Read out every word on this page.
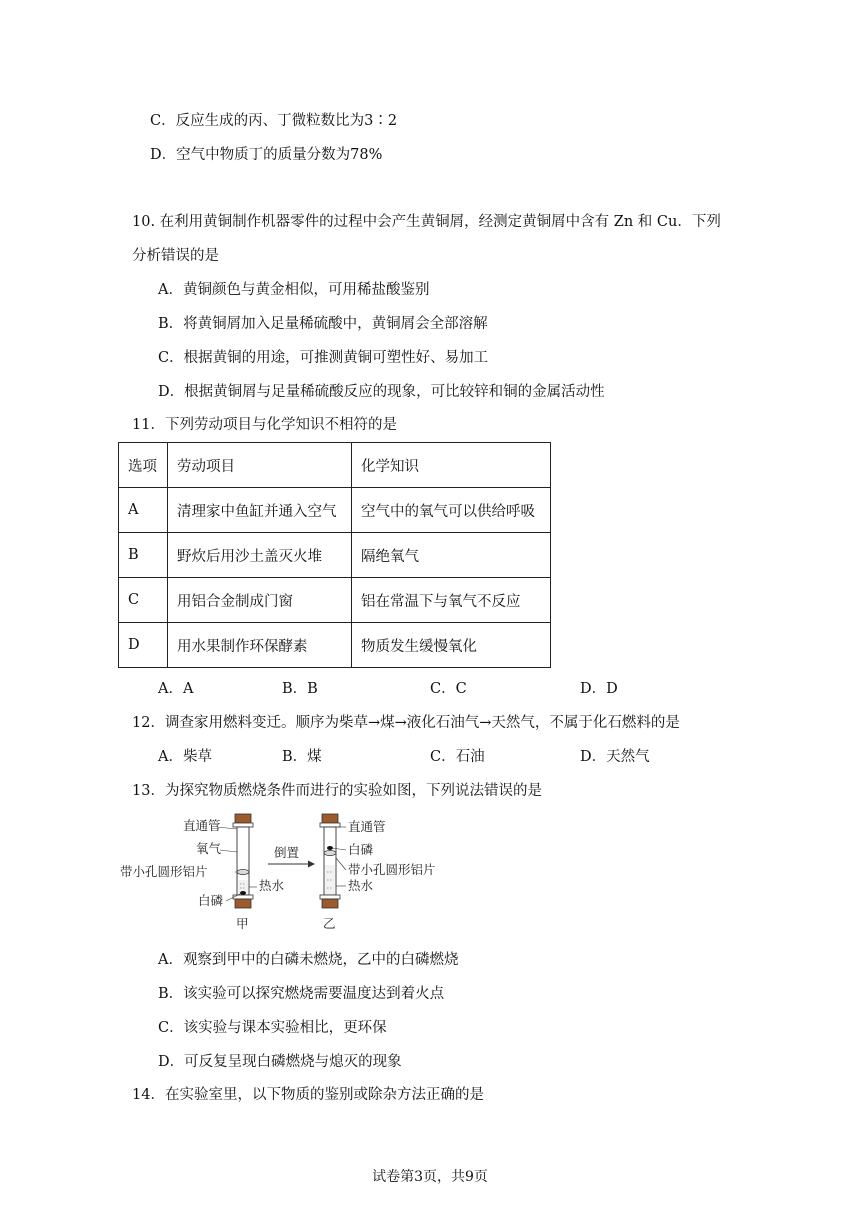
C．反应生成的丙、丁微粒数比为3∶2
D．空气中物质丁的质量分数为78%
10. 在利用黄铜制作机器零件的过程中会产生黄铜屑，经测定黄铜屑中含有 Zn 和 Cu．下列
分析错误的是
A．黄铜颜色与黄金相似，可用稀盐酸鉴别
B．将黄铜屑加入足量稀硫酸中，黄铜屑会全部溶解
C．根据黄铜的用途，可推测黄铜可塑性好、易加工
D．根据黄铜屑与足量稀硫酸反应的现象，可比较锌和铜的金属活动性
11．下列劳动项目与化学知识不相符的是
选项	劳动项目	化学知识
A	清理家中鱼缸并通入空气	空气中的氧气可以供给呼吸
B	野炊后用沙土盖灭火堆	隔绝氧气
C	用铝合金制成门窗	铝在常温下与氧气不反应
D	用水果制作环保酵素	物质发生缓慢氧化
A．A	B．B	C．C	D．D
12．调查家用燃料变迁。顺序为柴草→煤→液化石油气→天然气，不属于化石燃料的是
A．柴草	B．煤	C．石油	D．天然气
13．为探究物质燃烧条件而进行的实验如图，下列说法错误的是
直通管
氧气
带小孔圆形铝片
热水
白磷
甲
倒置
直通管
白磷
带小孔圆形铝片
热水
乙
A．观察到甲中的白磷未燃烧，乙中的白磷燃烧
B．该实验可以探究燃烧需要温度达到着火点
C．该实验与课本实验相比，更环保
D．可反复呈现白磷燃烧与熄灭的现象
14．在实验室里，以下物质的鉴别或除杂方法正确的是
试卷第3页，共9页
